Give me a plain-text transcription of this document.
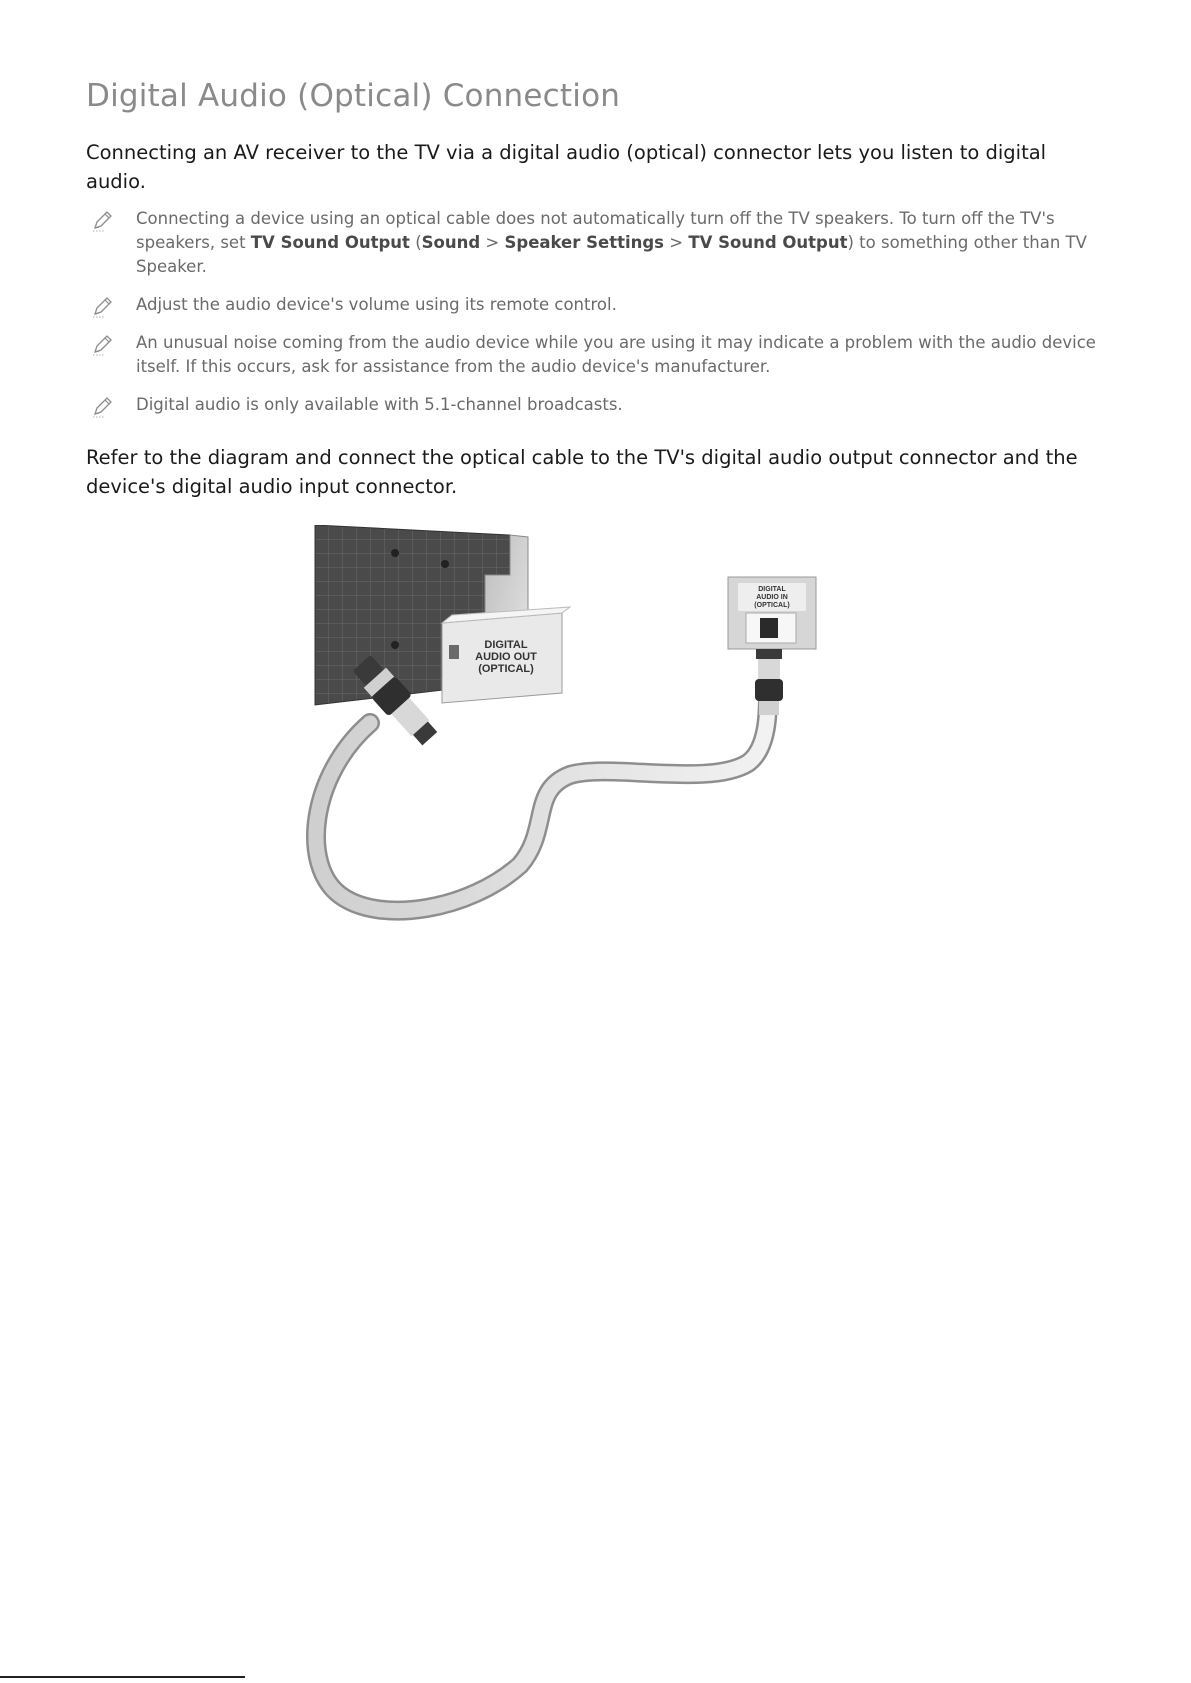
Digital Audio (Optical) Connection

Connecting an AV receiver to the TV via a digital audio (optical) connector lets you listen to digital audio.

Connecting a device using an optical cable does not automatically turn off the TV speakers. To turn off the TV's speakers, set TV Sound Output (Sound > Speaker Settings > TV Sound Output) to something other than TV Speaker.
Adjust the audio device's volume using its remote control.
An unusual noise coming from the audio device while you are using it may indicate a problem with the audio device itself. If this occurs, ask for assistance from the audio device's manufacturer.
Digital audio is only available with 5.1-channel broadcasts.

Refer to the diagram and connect the optical cable to the TV's digital audio output connector and the device's digital audio input connector.

DIGITAL
AUDIO OUT
(OPTICAL)
DIGITAL
AUDIO IN
(OPTICAL)
